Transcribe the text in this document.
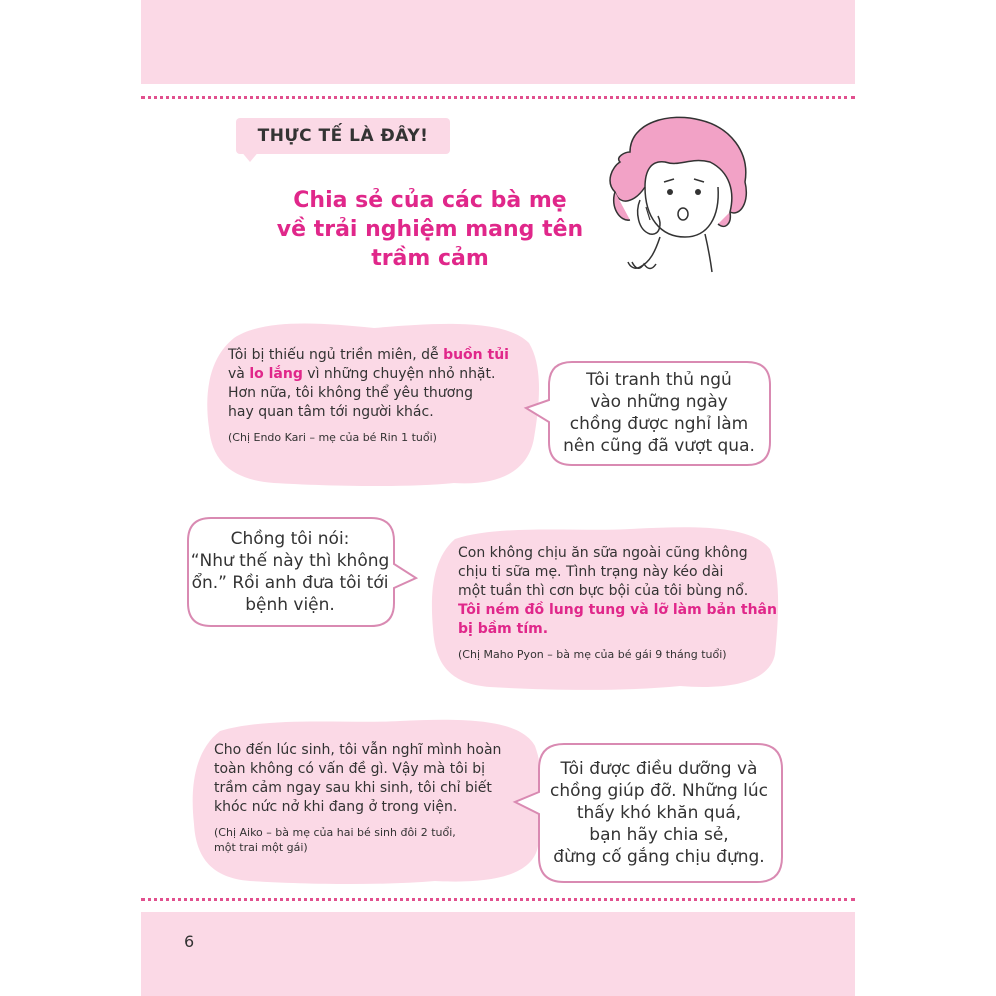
THỰC TẾ LÀ ĐÂY!
Chia sẻ của các bà mẹ
về trải nghiệm mang tên
trầm cảm
Tôi bị thiếu ngủ triền miên, dễ buồn tủi
và lo lắng vì những chuyện nhỏ nhặt.
Hơn nữa, tôi không thể yêu thương
hay quan tâm tới người khác.
(Chị Endo Kari – mẹ của bé Rin 1 tuổi)
Tôi tranh thủ ngủ
vào những ngày
chồng được nghỉ làm
nên cũng đã vượt qua.
Chồng tôi nói:
“Như thế này thì không
ổn.” Rồi anh đưa tôi tới
bệnh viện.
Con không chịu ăn sữa ngoài cũng không
chịu ti sữa mẹ. Tình trạng này kéo dài
một tuần thì cơn bực bội của tôi bùng nổ.
Tôi ném đồ lung tung và lỡ làm bản thân
bị bầm tím.
(Chị Maho Pyon – bà mẹ của bé gái 9 tháng tuổi)
Cho đến lúc sinh, tôi vẫn nghĩ mình hoàn
toàn không có vấn đề gì. Vậy mà tôi bị
trầm cảm ngay sau khi sinh, tôi chỉ biết
khóc nức nở khi đang ở trong viện.
(Chị Aiko – bà mẹ của hai bé sinh đôi 2 tuổi,
một trai một gái)
Tôi được điều dưỡng và
chồng giúp đỡ. Những lúc
thấy khó khăn quá,
bạn hãy chia sẻ,
đừng cố gắng chịu đựng.
6
